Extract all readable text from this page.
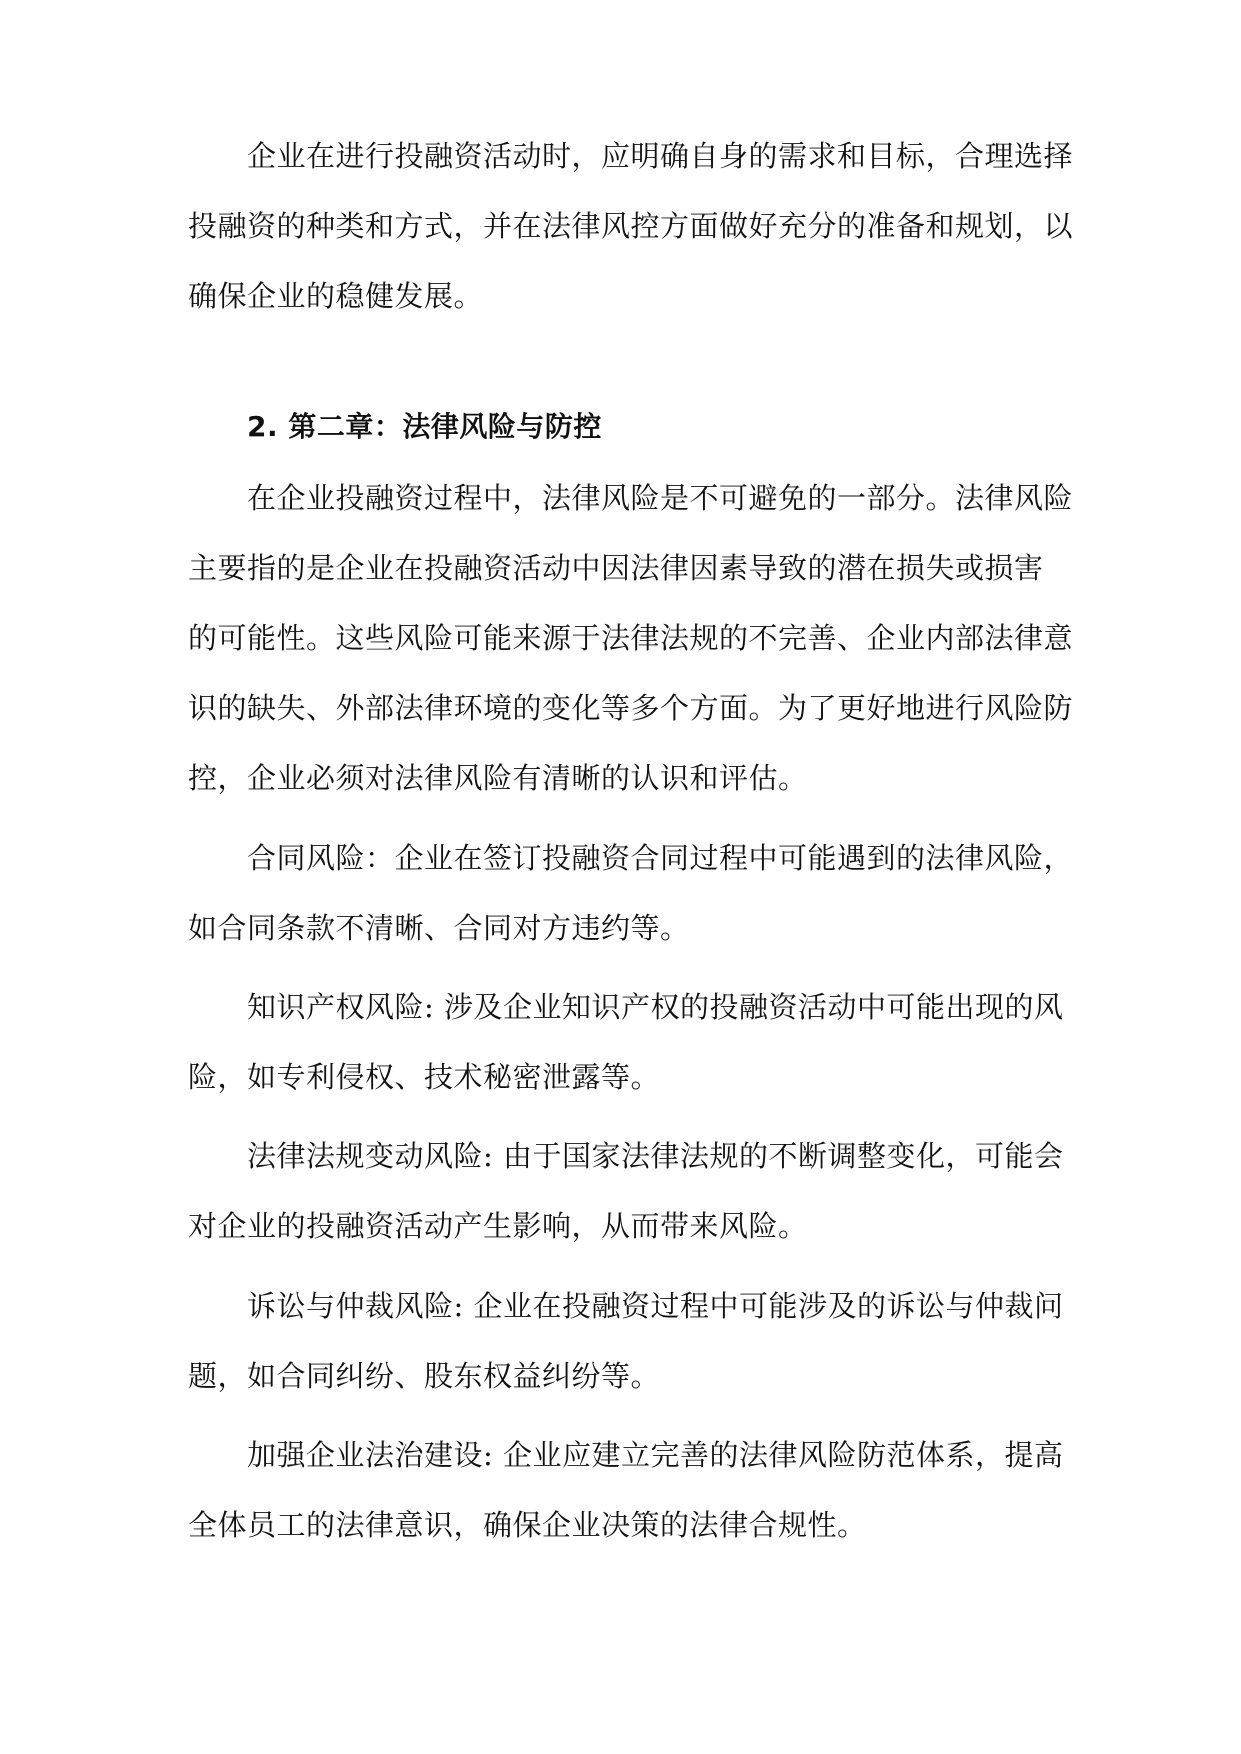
企业在进行投融资活动时，应明确自身的需求和目标，合理选择
投融资的种类和方式，并在法律风控方面做好充分的准备和规划，以
确保企业的稳健发展。
2. 第二章：法律风险与防控
在企业投融资过程中，法律风险是不可避免的一部分。法律风险
主要指的是企业在投融资活动中因法律因素导致的潜在损失或损害
的可能性。这些风险可能来源于法律法规的不完善、企业内部法律意
识的缺失、外部法律环境的变化等多个方面。为了更好地进行风险防
控，企业必须对法律风险有清晰的认识和评估。
合同风险：企业在签订投融资合同过程中可能遇到的法律风险，
如合同条款不清晰、合同对方违约等。
知识产权风险: 涉及企业知识产权的投融资活动中可能出现的风
险，如专利侵权、技术秘密泄露等。
法律法规变动风险: 由于国家法律法规的不断调整变化，可能会
对企业的投融资活动产生影响，从而带来风险。
诉讼与仲裁风险: 企业在投融资过程中可能涉及的诉讼与仲裁问
题，如合同纠纷、股东权益纠纷等。
加强企业法治建设: 企业应建立完善的法律风险防范体系，提高
全体员工的法律意识，确保企业决策的法律合规性。
